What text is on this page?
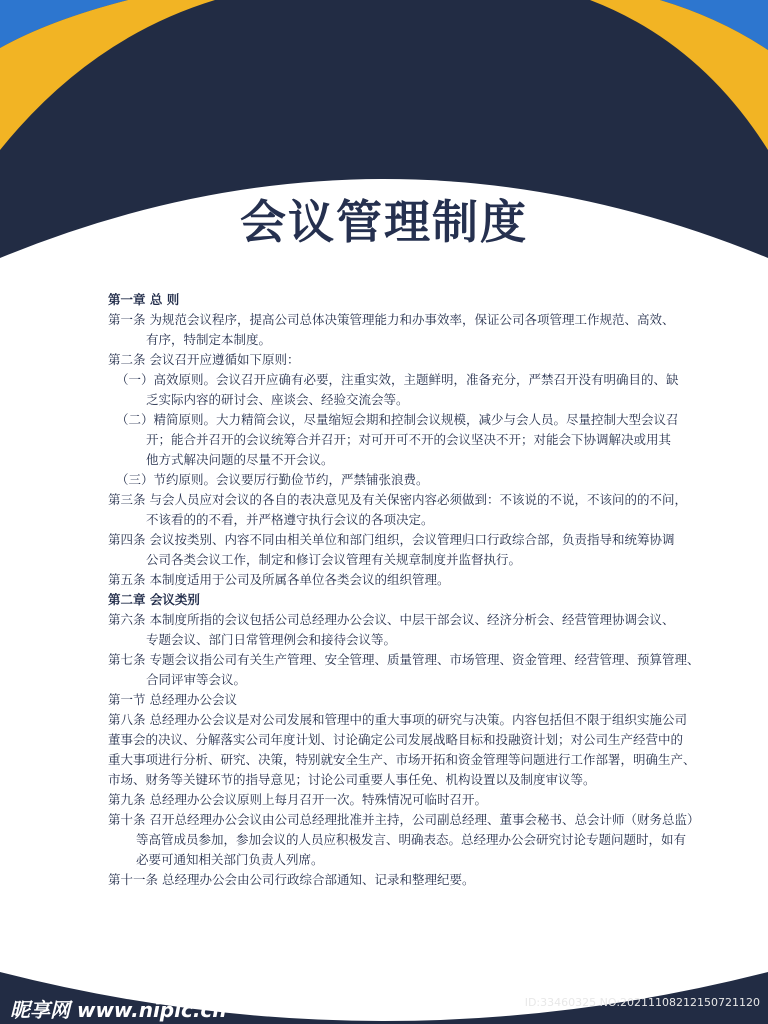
会议管理制度

第一章 总 则

第一条 为规范会议程序，提高公司总体决策管理能力和办事效率，保证公司各项管理工作规范、高效、

有序，特制定本制度。

第二条 会议召开应遵循如下原则：

（一）高效原则。会议召开应确有必要，注重实效，主题鲜明，准备充分，严禁召开没有明确目的、缺

乏实际内容的研讨会、座谈会、经验交流会等。

（二）精简原则。大力精简会议，尽量缩短会期和控制会议规模，减少与会人员。尽量控制大型会议召

开；能合并召开的会议统筹合并召开；对可开可不开的会议坚决不开；对能会下协调解决或用其

他方式解决问题的尽量不开会议。

（三）节约原则。会议要厉行勤俭节约，严禁铺张浪费。

第三条 与会人员应对会议的各自的表决意见及有关保密内容必须做到：不该说的不说，不该问的的不问，

不该看的的不看，并严格遵守执行会议的各项决定。

第四条 会议按类别、内容不同由相关单位和部门组织，会议管理归口行政综合部，负责指导和统筹协调

公司各类会议工作，制定和修订会议管理有关规章制度并监督执行。

第五条 本制度适用于公司及所属各单位各类会议的组织管理。

第二章 会议类别

第六条 本制度所指的会议包括公司总经理办公会议、中层干部会议、经济分析会、经营管理协调会议、

专题会议、部门日常管理例会和接待会议等。

第七条 专题会议指公司有关生产管理、安全管理、质量管理、市场管理、资金管理、经营管理、预算管理、

合同评审等会议。

第一节 总经理办公会议

第八条 总经理办公会议是对公司发展和管理中的重大事项的研究与决策。内容包括但不限于组织实施公司

董事会的决议、分解落实公司年度计划、讨论确定公司发展战略目标和投融资计划；对公司生产经营中的

重大事项进行分析、研究、决策，特别就安全生产、市场开拓和资金管理等问题进行工作部署，明确生产、

市场、财务等关键环节的指导意见；讨论公司重要人事任免、机构设置以及制度审议等。

第九条 总经理办公会议原则上每月召开一次。特殊情况可临时召开。

第十条 召开总经理办公会议由公司总经理批准并主持，公司副总经理、董事会秘书、总会计师（财务总监）

等高管成员参加，参加会议的人员应积极发言、明确表态。总经理办公会研究讨论专题问题时，如有

必要可通知相关部门负责人列席。

第十一条 总经理办公会由公司行政综合部通知、记录和整理纪要。

昵享网 www.nipic.cn	ID:33460325 NO:20211108212150721120
